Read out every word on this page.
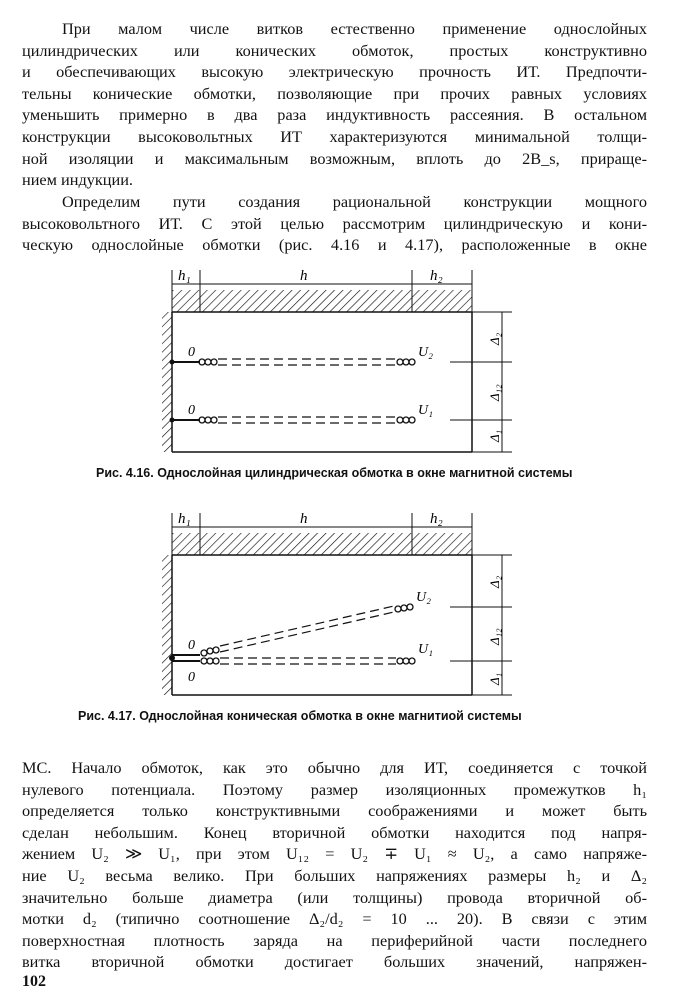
При малом числе витков естественно применение однослойных
цилиндрических или конических обмоток, простых конструктивно
и обеспечивающих высокую электрическую прочность ИТ. Предпочти-
тельны конические обмотки, позволяющие при прочих равных условиях
уменьшить примерно в два раза индуктивность рассеяния. В остальном
конструкции высоковольтных ИТ характеризуются минимальной толщи-
ной изоляции и максимальным возможным, вплоть до 2B_s, прираще-
нием индукции.
Определим пути создания рациональной конструкции мощного
высоковольтного ИТ. С этой целью рассмотрим цилиндрическую и кони-
ческую однослойные обмотки (рис. 4.16 и 4.17), расположенные в окне
h₁	h	h₂
Δ₂
Δ₁₂
Δ₁
0	U₂
0	U₁
Рис. 4.16. Однослойная цилиндрическая обмотка в окне магнитной системы
h₁	h	h₂
Δ₂
Δ₁₂
Δ₁
0
U₂
0
U₁
Рис. 4.17. Однослойная коническая обмотка в окне магнитиой системы
МС. Начало обмоток, как это обычно для ИТ, соединяется с точкой
нулевого потенциала. Поэтому размер изоляционных промежутков h₁
определяется только конструктивными соображениями и может быть
сделан небольшим. Конец вторичной обмотки находится под напря-
жением U₂ ≫ U₁, при этом U₁₂ = U₂ ∓ U₁ ≈ U₂, а само напряже-
ние U₂ весьма велико. При больших напряжениях размеры h₂ и Δ₂
значительно больше диаметра (или толщины) провода вторичной об-
мотки d₂ (типично соотношение Δ₂/d₂ = 10 ... 20). В связи с этим
поверхностная плотность заряда на периферийной части последнего
витка вторичной обмотки достигает больших значений, напряжен-
102
